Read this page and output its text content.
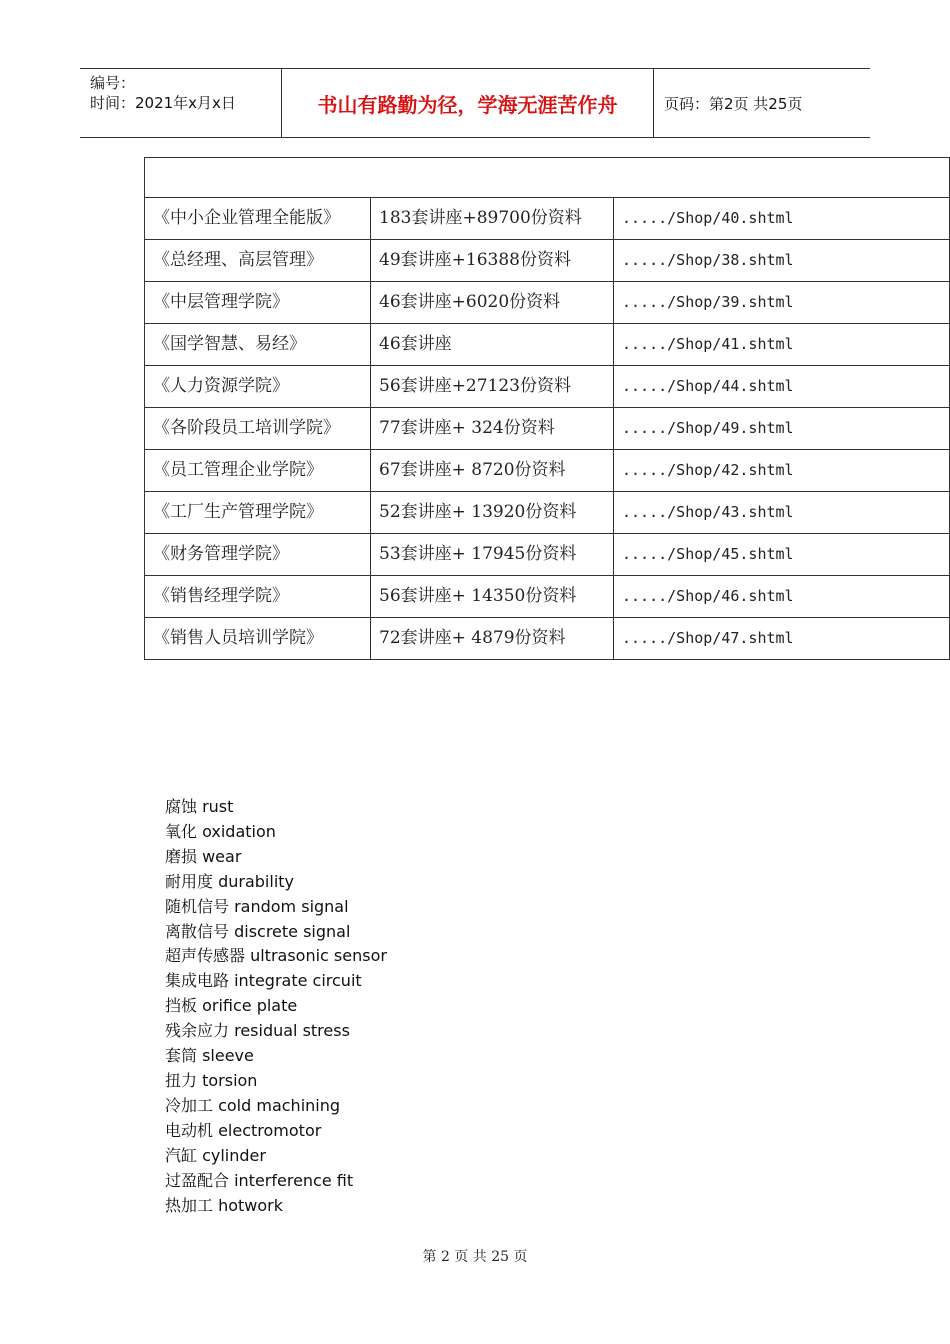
编号：
时间：2021年x月x日	书山有路勤为径，学海无涯苦作舟	页码：第2页 共25页

《中小企业管理全能版》	183套讲座+89700份资料	...../Shop/40.shtml
《总经理、高层管理》	49套讲座+16388份资料	...../Shop/38.shtml
《中层管理学院》	46套讲座+6020份资料	...../Shop/39.shtml
《国学智慧、易经》	46套讲座	...../Shop/41.shtml
《人力资源学院》	56套讲座+27123份资料	...../Shop/44.shtml
《各阶段员工培训学院》	77套讲座+ 324份资料	...../Shop/49.shtml
《员工管理企业学院》	67套讲座+ 8720份资料	...../Shop/42.shtml
《工厂生产管理学院》	52套讲座+ 13920份资料	...../Shop/43.shtml
《财务管理学院》	53套讲座+ 17945份资料	...../Shop/45.shtml
《销售经理学院》	56套讲座+ 14350份资料	...../Shop/46.shtml
《销售人员培训学院》	72套讲座+ 4879份资料	...../Shop/47.shtml
腐蚀 rust
氧化 oxidation
磨损 wear
耐用度 durability
随机信号 random signal
离散信号 discrete signal
超声传感器 ultrasonic sensor
集成电路 integrate circuit
挡板 orifice plate
残余应力 residual stress
套筒 sleeve
扭力 torsion
冷加工 cold machining
电动机 electromotor
汽缸 cylinder
过盈配合 interference fit
热加工 hotwork
第 2 页 共 25 页
